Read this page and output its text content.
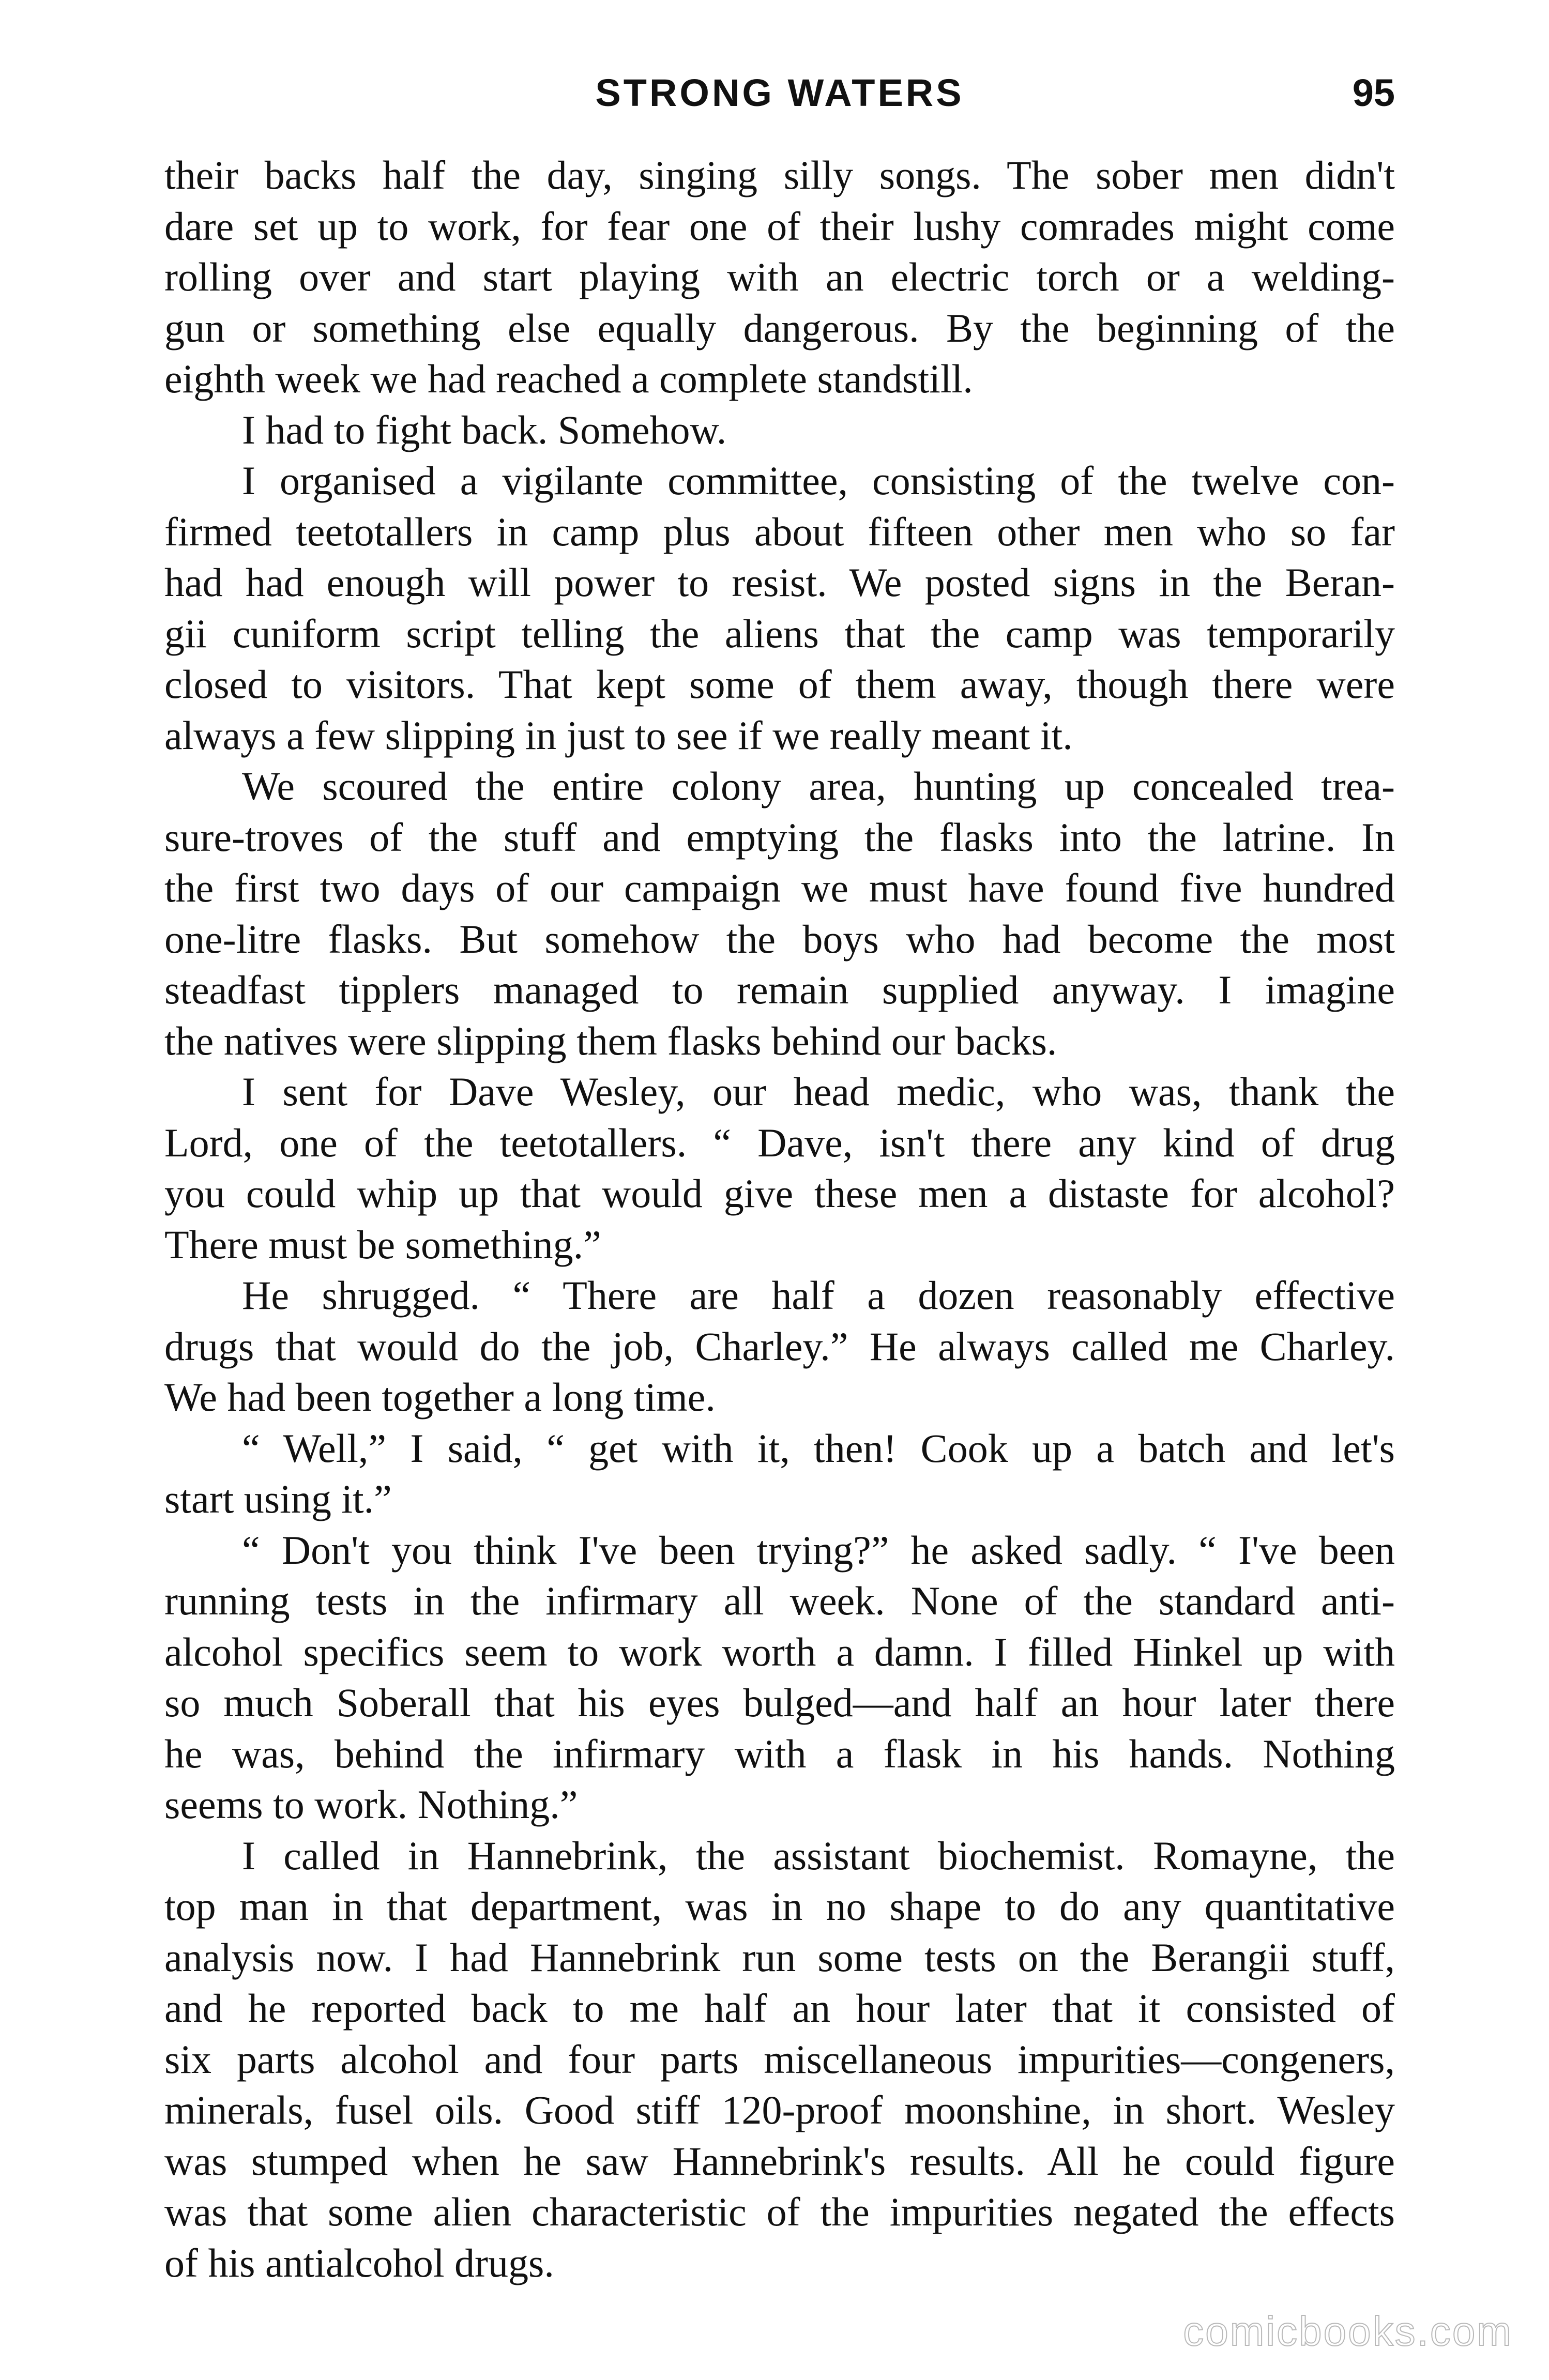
STRONG WATERS	95
their backs half the day, singing silly songs. The sober men didn't
dare set up to work, for fear one of their lushy comrades might come
rolling over and start playing with an electric torch or a welding-
gun or something else equally dangerous. By the beginning of the
eighth week we had reached a complete standstill.
I had to fight back. Somehow.
I organised a vigilante committee, consisting of the twelve con-
firmed teetotallers in camp plus about fifteen other men who so far
had had enough will power to resist. We posted signs in the Beran-
gii cuniform script telling the aliens that the camp was temporarily
closed to visitors. That kept some of them away, though there were
always a few slipping in just to see if we really meant it.
We scoured the entire colony area, hunting up concealed trea-
sure-troves of the stuff and emptying the flasks into the latrine. In
the first two days of our campaign we must have found five hundred
one-litre flasks. But somehow the boys who had become the most
steadfast tipplers managed to remain supplied anyway. I imagine
the natives were slipping them flasks behind our backs.
I sent for Dave Wesley, our head medic, who was, thank the
Lord, one of the teetotallers. “ Dave, isn't there any kind of drug
you could whip up that would give these men a distaste for alcohol?
There must be something.”
He shrugged. “ There are half a dozen reasonably effective
drugs that would do the job, Charley.” He always called me Charley.
We had been together a long time.
“ Well,” I said, “ get with it, then! Cook up a batch and let's
start using it.”
“ Don't you think I've been trying?” he asked sadly. “ I've been
running tests in the infirmary all week. None of the standard anti-
alcohol specifics seem to work worth a damn. I filled Hinkel up with
so much Soberall that his eyes bulged—and half an hour later there
he was, behind the infirmary with a flask in his hands. Nothing
seems to work. Nothing.”
I called in Hannebrink, the assistant biochemist. Romayne, the
top man in that department, was in no shape to do any quantitative
analysis now. I had Hannebrink run some tests on the Berangii stuff,
and he reported back to me half an hour later that it consisted of
six parts alcohol and four parts miscellaneous impurities—congeners,
minerals, fusel oils. Good stiff 120-proof moonshine, in short. Wesley
was stumped when he saw Hannebrink's results. All he could figure
was that some alien characteristic of the impurities negated the effects
of his antialcohol drugs.
comicbooks.com
